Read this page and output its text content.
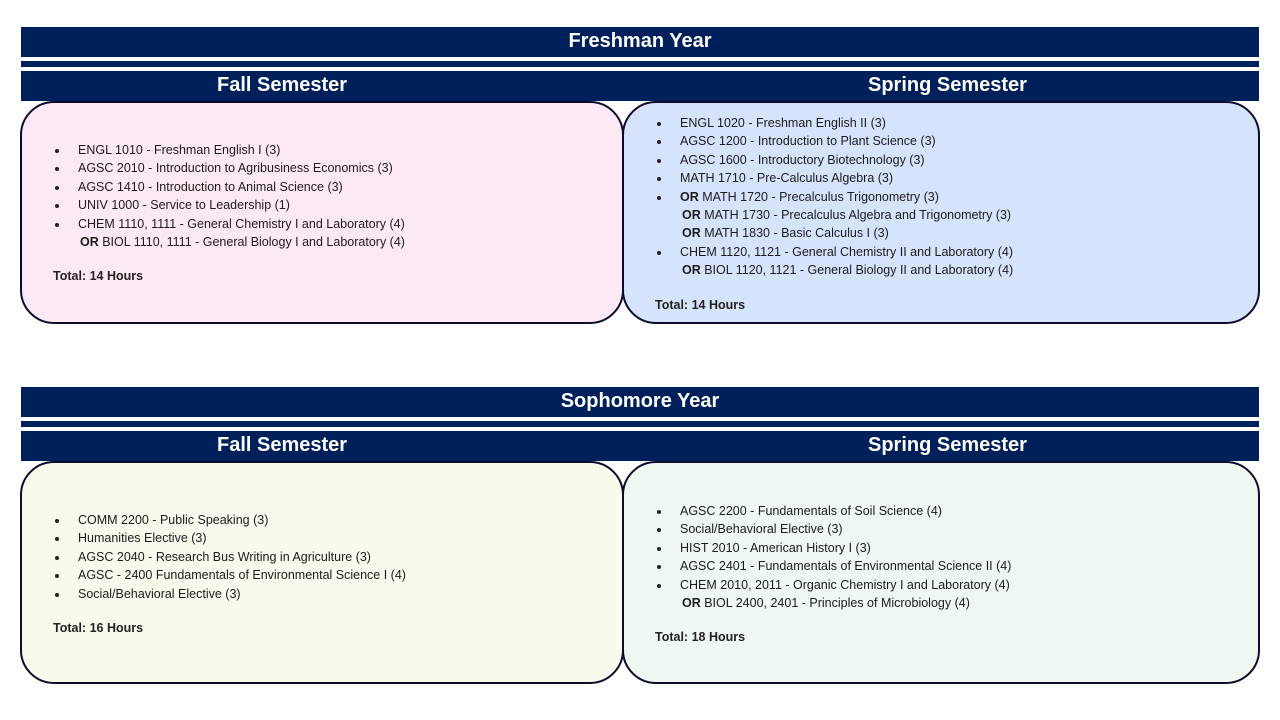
Freshman Year
Fall Semester	Spring Semester
ENGL 1010 - Freshman English I (3)
AGSC 2010 - Introduction to Agribusiness Economics (3)
AGSC 1410 - Introduction to Animal Science (3)
UNIV 1000 - Service to Leadership (1)
CHEM 1110, 1111 - General Chemistry I and Laboratory (4)
OR BIOL 1110, 1111 - General Biology I and Laboratory (4)
Total: 14 Hours
ENGL 1020 - Freshman English II (3)
AGSC 1200 - Introduction to Plant Science (3)
AGSC 1600 - Introductory Biotechnology (3)
MATH 1710 - Pre-Calculus Algebra (3)
OR MATH 1720 - Precalculus Trigonometry (3)
OR MATH 1730 - Precalculus Algebra and Trigonometry (3)
OR MATH 1830 - Basic Calculus I (3)
CHEM 1120, 1121 - General Chemistry II and Laboratory (4)
OR BIOL 1120, 1121 - General Biology II and Laboratory (4)
Total: 14 Hours
Sophomore Year
Fall Semester	Spring Semester
COMM 2200 - Public Speaking (3)
Humanities Elective (3)
AGSC 2040 - Research Bus Writing in Agriculture (3)
AGSC - 2400 Fundamentals of Environmental Science I (4)
Social/Behavioral Elective (3)
Total: 16 Hours
AGSC 2200 - Fundamentals of Soil Science (4)
Social/Behavioral Elective (3)
HIST 2010 - American History I (3)
AGSC 2401 - Fundamentals of Environmental Science II (4)
CHEM 2010, 2011 - Organic Chemistry I and Laboratory (4)
OR BIOL 2400, 2401 - Principles of Microbiology (4)
Total: 18 Hours
